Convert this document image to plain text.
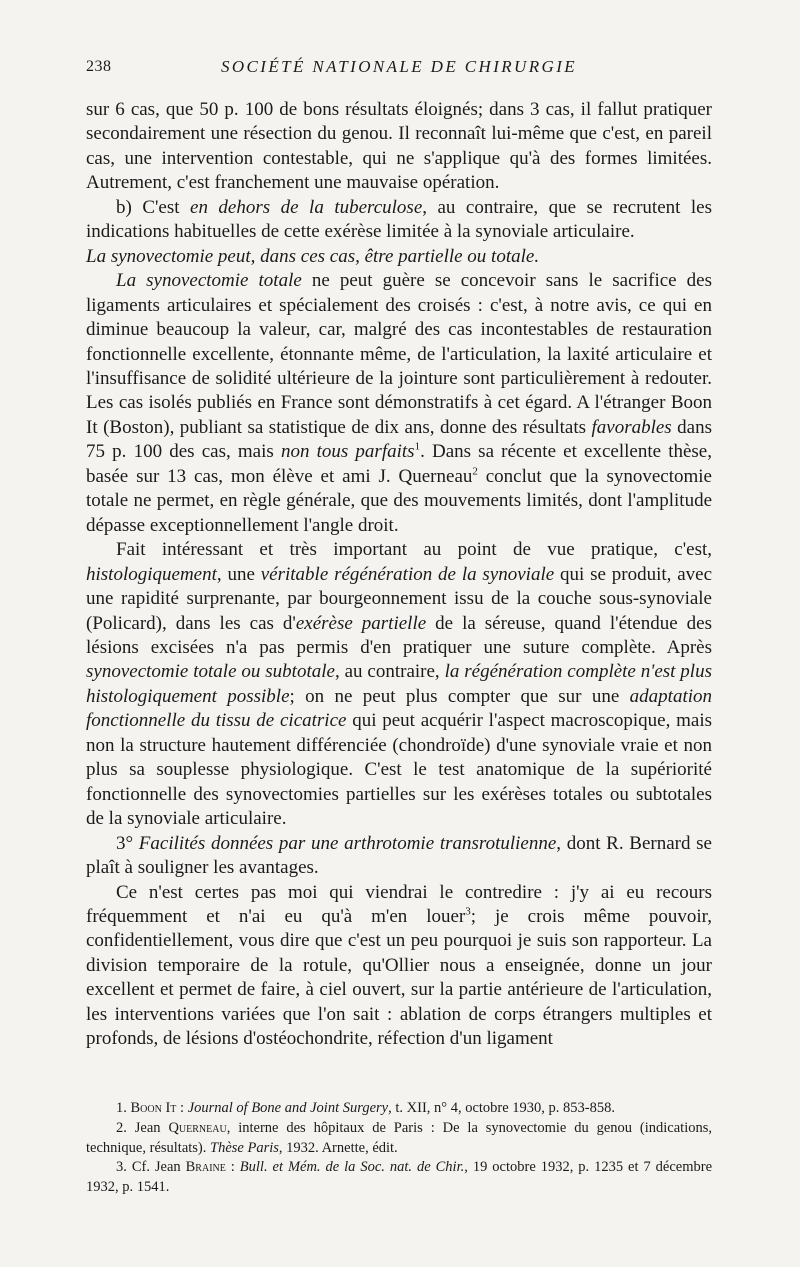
238	SOCIÉTÉ NATIONALE DE CHIRURGIE

sur 6 cas, que 50 p. 100 de bons résultats éloignés; dans 3 cas, il fallut pratiquer secondairement une résection du genou. Il reconnaît lui-même que c'est, en pareil cas, une intervention contestable, qui ne s'applique qu'à des formes limitées. Autrement, c'est franchement une mauvaise opération.

b) C'est en dehors de la tuberculose, au contraire, que se recrutent les indications habituelles de cette exérèse limitée à la synoviale articulaire.

La synovectomie peut, dans ces cas, être partielle ou totale.

La synovectomie totale ne peut guère se concevoir sans le sacrifice des ligaments articulaires et spécialement des croisés : c'est, à notre avis, ce qui en diminue beaucoup la valeur, car, malgré des cas incontestables de restauration fonctionnelle excellente, étonnante même, de l'articulation, la laxité articulaire et l'insuffisance de solidité ultérieure de la jointure sont particulièrement à redouter. Les cas isolés publiés en France sont démonstratifs à cet égard. A l'étranger Boon It (Boston), publiant sa statistique de dix ans, donne des résultats favorables dans 75 p. 100 des cas, mais non tous parfaits$^1$. Dans sa récente et excellente thèse, basée sur 13 cas, mon élève et ami J. Querneau$^2$ conclut que la synovectomie totale ne permet, en règle générale, que des mouvements limités, dont l'amplitude dépasse exceptionnellement l'angle droit.

Fait intéressant et très important au point de vue pratique, c'est, histologiquement, une véritable régénération de la synoviale qui se produit, avec une rapidité surprenante, par bourgeonnement issu de la couche sous-synoviale (Policard), dans les cas d'exérèse partielle de la séreuse, quand l'étendue des lésions excisées n'a pas permis d'en pratiquer une suture complète. Après synovectomie totale ou subtotale, au contraire, la régénération complète n'est plus histologiquement possible; on ne peut plus compter que sur une adaptation fonctionnelle du tissu de cicatrice qui peut acquérir l'aspect macroscopique, mais non la structure hautement différenciée (chondroïde) d'une synoviale vraie et non plus sa souplesse physiologique. C'est le test anatomique de la supériorité fonctionnelle des synovectomies partielles sur les exérèses totales ou subtotales de la synoviale articulaire.

3° Facilités données par une arthrotomie transrotulienne, dont R. Bernard se plaît à souligner les avantages.

Ce n'est certes pas moi qui viendrai le contredire : j'y ai eu recours fréquemment et n'ai eu qu'à m'en louer$^3$; je crois même pouvoir, confidentiellement, vous dire que c'est un peu pourquoi je suis son rapporteur. La division temporaire de la rotule, qu'Ollier nous a enseignée, donne un jour excellent et permet de faire, à ciel ouvert, sur la partie antérieure de l'articulation, les interventions variées que l'on sait : ablation de corps étrangers multiples et profonds, de lésions d'ostéochondrite, réfection d'un ligament

1. Boon It : Journal of Bone and Joint Surgery, t. XII, n° 4, octobre 1930, p. 853-858.

2. Jean Querneau, interne des hôpitaux de Paris : De la synovectomie du genou (indications, technique, résultats). Thèse Paris, 1932. Arnette, édit.

3. Cf. Jean Braine : Bull. et Mém. de la Soc. nat. de Chir., 19 octobre 1932, p. 1235 et 7 décembre 1932, p. 1541.
